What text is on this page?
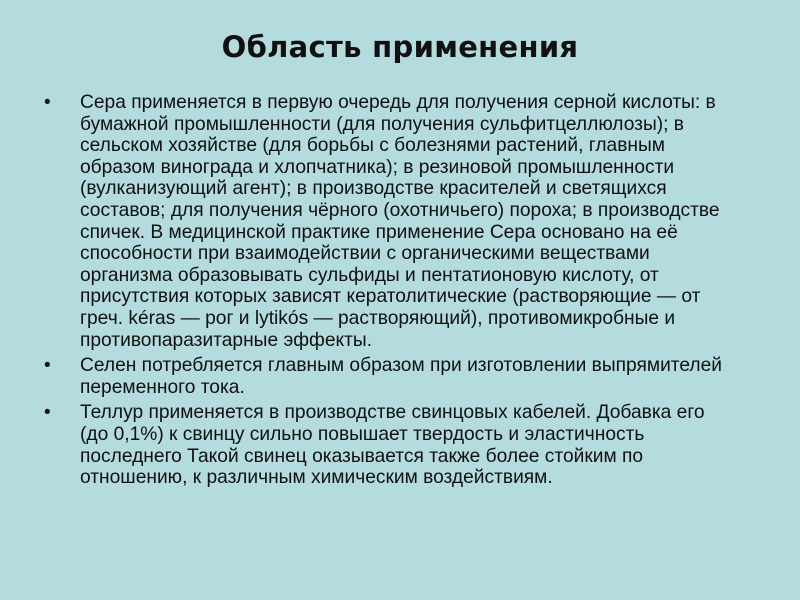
Область применения
• Сера применяется в первую очередь для получения серной кислоты: в бумажной промышленности (для получения сульфитцеллюлозы); в сельском хозяйстве (для борьбы с болезнями растений, главным образом винограда и хлопчатника); в резиновой промышленности (вулканизующий агент); в производстве красителей и светящихся составов; для получения чёрного (охотничьего) пороха; в производстве спичек. В медицинской практике применение Сера основано на её способности при взаимодействии с органическими веществами организма образовывать сульфиды и пентатионовую кислоту, от присутствия которых зависят кератолитические (растворяющие — от греч. kéras — рог и lytikós — растворяющий), противомикробные и противопаразитарные эффекты.
• Селен потребляется главным образом при изготовлении выпрямителей переменного тока.
• Теллур применяется в производстве свинцовых кабелей. Добавка его (до 0,1%) к свинцу сильно повышает твердость и эластичность последнего Такой свинец оказывается также более стойким по отношению, к различным химическим воздействиям.
